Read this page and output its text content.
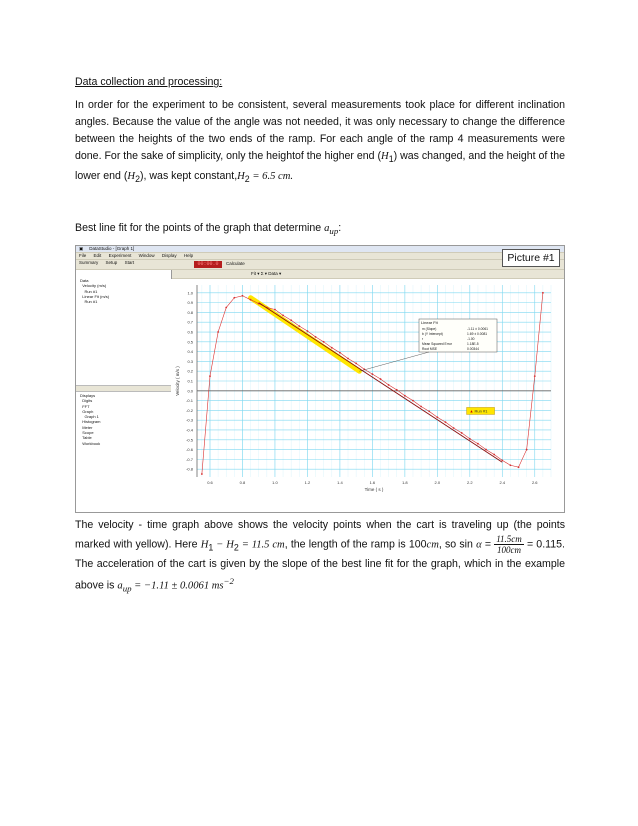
Data collection and processing:
In order for the experiment to be consistent, several measurements took place for different inclination angles. Because the value of the angle was not needed, it was only necessary to change the difference between the heights of the two ends of the ramp. For each angle of the ramp 4 measurements were done. For the sake of simplicity, only the heightof the higher end $(H_1)$ was changed, and the height of the lower end $(H_2)$, was kept $constant,H_2 = 6.5$ cm.
Best line fit for the points of the graph that determine $a_{up}$:
▣ DataStudio - [Graph 1]
File Edit Experiment Window Display Help
Summary Setup Start	00:00.0	Calculate
Fit ▾ Σ ▾ Data ▾
Data
Velocity (m/s)
Run #1
Linear Fit (m/s)
Run #1
Displays
Digits
FFT
Graph
Graph 1
Histogram
Meter
Scope
Table
Workbook
0.6	0.8	1.0	1.2	1.4	1.6	1.8	2.0	2.2	2.4	2.6
1.0
0.9
0.8
0.7
0.6
0.5
0.4
0.3
0.2
0.1
0.0
-0.1
-0.2
-0.3
-0.4
-0.5
-0.6
-0.7
-0.8
Time ( s )
Velocity ( m/s )
Linear Fit
m (Slope)	-1.11 ± 0.0061
b (Y Intercept)	1.69 ± 0.0081
r	-1.00
Mean Squared Error	1.18E-5
Root MSE	0.00344
▲ Run #1
Picture #1
The velocity - time graph above shows the velocity points when the cart is traveling up (the points marked with yellow). Here $H_1 - H_2 = 11.5$ cm, the length of the ramp is 100cm, so $\sin \alpha = \frac{11.5cm}{100cm} = 0.115$. The acceleration of the cart is given by the slope of the best line fit for the graph, which in the example above is $a_{up} = -1.11 \pm 0.0061$ $ms^{-2}$
